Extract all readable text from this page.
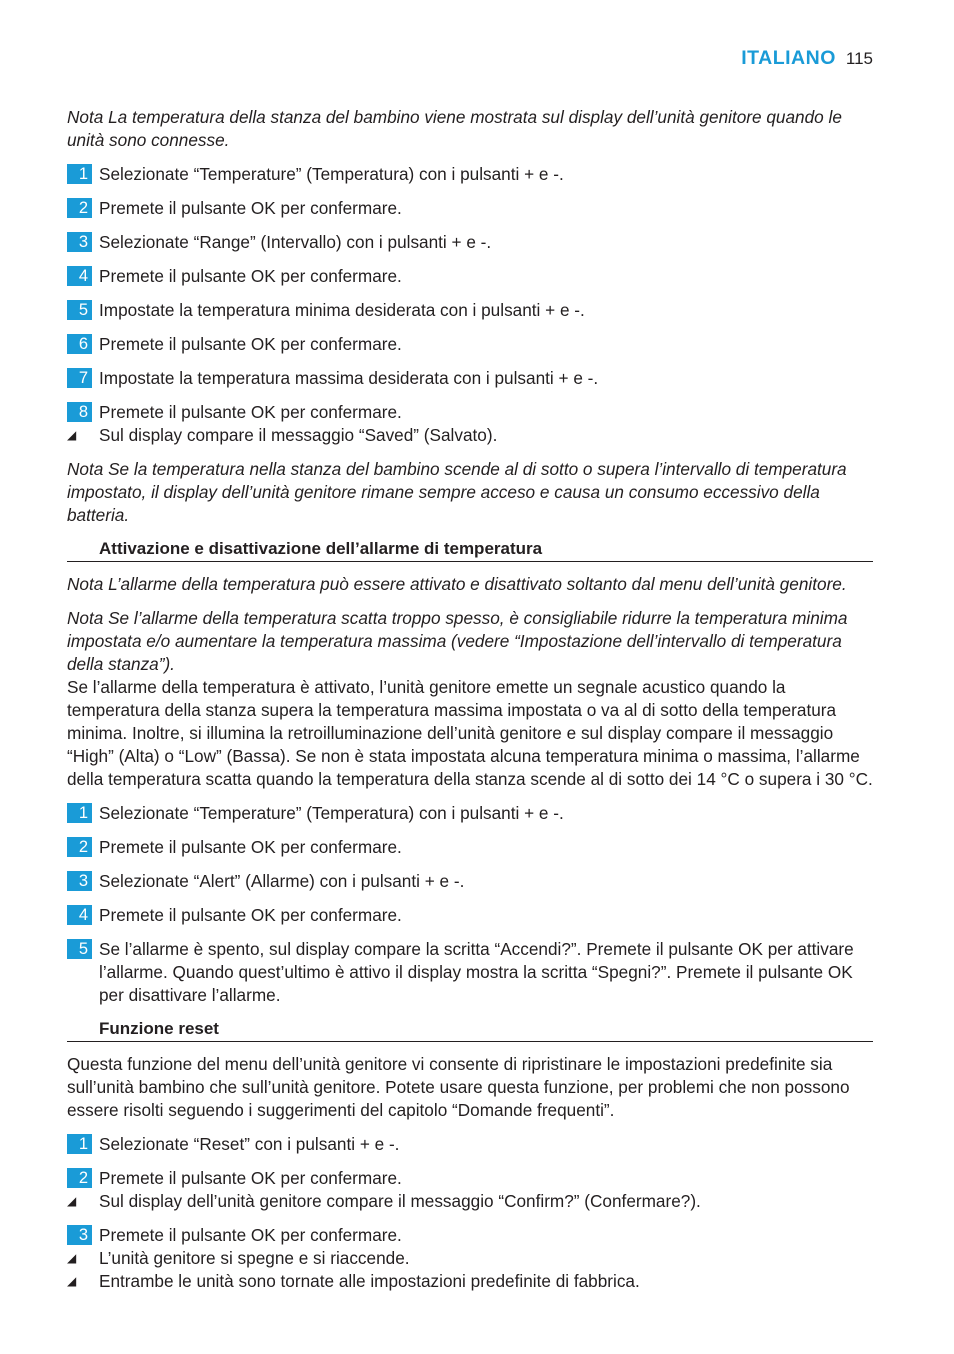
ITALIANO 115

Nota La temperatura della stanza del bambino viene mostrata sul display dell’unità genitore quando le unità sono connesse.

1 Selezionate “Temperature” (Temperatura) con i pulsanti + e -.
2 Premete il pulsante OK per confermare.
3 Selezionate “Range” (Intervallo) con i pulsanti + e -.
4 Premete il pulsante OK per confermare.
5 Impostate la temperatura minima desiderata con i pulsanti + e -.
6 Premete il pulsante OK per confermare.
7 Impostate la temperatura massima desiderata con i pulsanti + e -.
8 Premete il pulsante OK per confermare.
◢	Sul display compare il messaggio “Saved” (Salvato).

Nota Se la temperatura nella stanza del bambino scende al di sotto o supera l’intervallo di temperatura impostato, il display dell’unità genitore rimane sempre acceso e causa un consumo eccessivo della batteria.

Attivazione e disattivazione dell’allarme di temperatura

Nota L’allarme della temperatura può essere attivato e disattivato soltanto dal menu dell’unità genitore.

Nota Se l’allarme della temperatura scatta troppo spesso, è consigliabile ridurre la temperatura minima impostata e/o aumentare la temperatura massima (vedere “Impostazione dell’intervallo di temperatura della stanza”).

Se l’allarme della temperatura è attivato, l’unità genitore emette un segnale acustico quando la temperatura della stanza supera la temperatura massima impostata o va al di sotto della temperatura minima. Inoltre, si illumina la retroilluminazione dell’unità genitore e sul display compare il messaggio “High” (Alta) o “Low” (Bassa). Se non è stata impostata alcuna temperatura minima o massima, l’allarme della temperatura scatta quando la temperatura della stanza scende al di sotto dei 14 °C o supera i 30 °C.

1 Selezionate “Temperature” (Temperatura) con i pulsanti + e -.
2 Premete il pulsante OK per confermare.
3 Selezionate “Alert” (Allarme) con i pulsanti + e -.
4 Premete il pulsante OK per confermare.
5 Se l’allarme è spento, sul display compare la scritta “Accendi?”. Premete il pulsante OK per attivare l’allarme. Quando quest’ultimo è attivo il display mostra la scritta “Spegni?”. Premete il pulsante OK per disattivare l’allarme.
Funzione reset

Questa funzione del menu dell’unità genitore vi consente di ripristinare le impostazioni predefinite sia sull’unità bambino che sull’unità genitore. Potete usare questa funzione, per problemi che non possono essere risolti seguendo i suggerimenti del capitolo “Domande frequenti”.

1 Selezionate “Reset” con i pulsanti + e -.
2 Premete il pulsante OK per confermare.
◢	Sul display dell’unità genitore compare il messaggio “Confirm?” (Confermare?).
3 Premete il pulsante OK per confermare.
◢	L’unità genitore si spegne e si riaccende.
◢	Entrambe le unità sono tornate alle impostazioni predefinite di fabbrica.
